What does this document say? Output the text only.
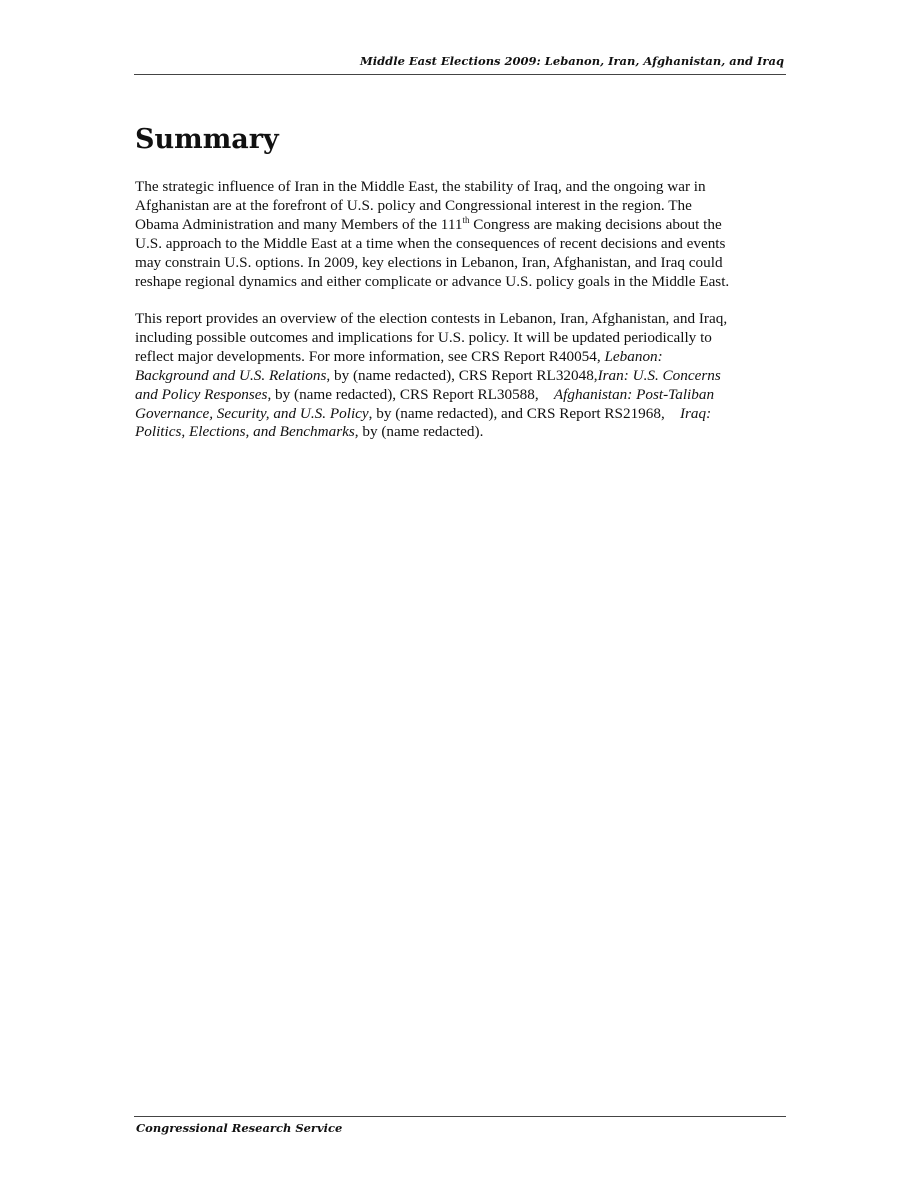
Middle East Elections 2009: Lebanon, Iran, Afghanistan, and Iraq
Summary

The strategic influence of Iran in the Middle East, the stability of Iraq, and the ongoing war in
Afghanistan are at the forefront of U.S. policy and Congressional interest in the region. The
Obama Administration and many Members of the 111th Congress are making decisions about the
U.S. approach to the Middle East at a time when the consequences of recent decisions and events
may constrain U.S. options. In 2009, key elections in Lebanon, Iran, Afghanistan, and Iraq could
reshape regional dynamics and either complicate or advance U.S. policy goals in the Middle East.

This report provides an overview of the election contests in Lebanon, Iran, Afghanistan, and Iraq,
including possible outcomes and implications for U.S. policy. It will be updated periodically to
reflect major developments. For more information, see CRS Report R40054, Lebanon:
Background and U.S. Relations, by (name redacted), CRS Report RL32048,Iran: U.S. Concerns
and Policy Responses, by (name redacted), CRS Report RL30588,    Afghanistan: Post-Taliban
Governance, Security, and U.S. Policy, by (name redacted), and CRS Report RS21968,    Iraq:
Politics, Elections, and Benchmarks, by (name redacted).

Congressional Research Service
